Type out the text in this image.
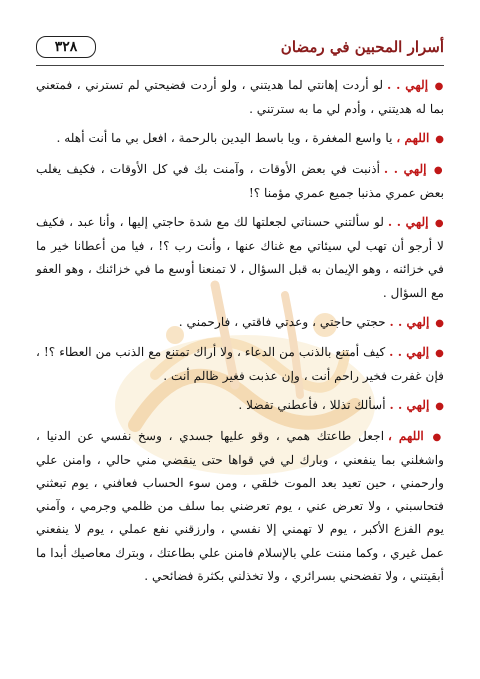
أسرار المحبين في رمضان
٣٢٨

● إلهي . . لو أردت إهانتي لما هديتني ، ولو أردت فضيحتي لم تسترني ، فمتعني بما له هديتني ، وأدم لي ما به سترتني .

● اللهم ، يا واسع المغفرة ، ويا باسط اليدين بالرحمة ، افعل بي ما أنت أهله .

● إلهي . . أذنبت في بعض الأوقات ، وآمنت بك في كل الأوقات ، فكيف يغلب بعض عمري مذنبا جميع عمري مؤمنا ؟!

● إلهي . . لو سألتني حسناتي لجعلتها لك مع شدة حاجتي إليها ، وأنا عبد ، فكيف لا أرجو أن تهب لي سيئاتي مع غناك عنها ، وأنت رب ؟! ، فيا من أعطانا خير ما في خزائنه ، وهو الإيمان به قبل السؤال ، لا تمنعنا أوسع ما في خزائنك ، وهو العفو مع السؤال .

● إلهي . . حجتي حاجتي ، وعدتي فاقتي ، فارحمني .

● إلهي . . كيف أمتنع بالذنب من الدعاء ، ولا أراك تمتنع مع الذنب من العطاء ؟! ، فإن غفرت فخير راحم أنت ، وإن عذبت فغير ظالم أنت .

● إلهي . . أسألك تذللا ، فأعطني تفضلا .

● اللهم ، اجعل طاعتك همي ، وقو عليها جسدي ، وسخ نفسي عن الدنيا ، واشغلني بما ينفعني ، وبارك لي في قواها حتى ينقضي مني حالي ، وامنن علي وارحمني ، حين تعيد بعد الموت خلقي ، ومن سوء الحساب فعافني ، يوم تبعثني فتحاسبني ، ولا تعرض عني ، يوم تعرضني بما سلف من ظلمي وجرمي ، وآمني يوم الفزع الأكبر ، يوم لا تهمني إلا نفسي ، وارزقني نفع عملي ، يوم لا ينفعني عمل غيري ، وكما مننت علي بالإسلام فامنن علي بطاعتك ، وبترك معاصيك أبدا ما أبقيتني ، ولا تفضحني بسرائري ، ولا تخذلني بكثرة فضائحي .
